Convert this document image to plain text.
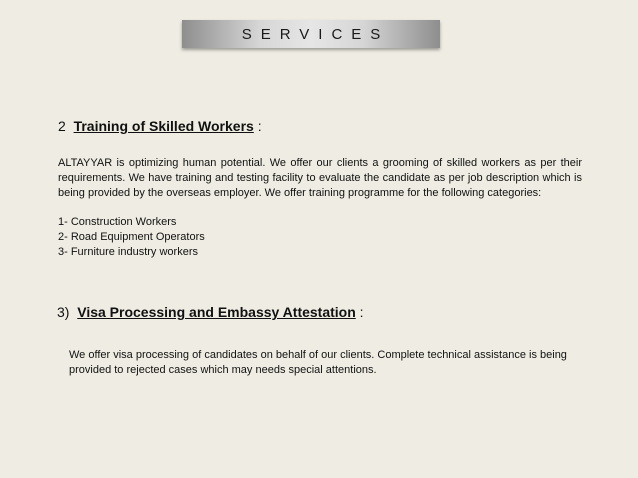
SERVICES
2 Training of Skilled Workers :
ALTAYYAR is optimizing human potential. We offer our clients a grooming of skilled workers as per their requirements. We have training and testing facility to evaluate the candidate as per job description which is being provided by the overseas employer. We offer training programme for the following categories:
1- Construction Workers
2- Road Equipment Operators
3- Furniture industry workers
3) Visa Processing and Embassy Attestation :
We offer visa processing of candidates on behalf of our clients. Complete technical assistance is being provided to rejected cases which may needs special attentions.
